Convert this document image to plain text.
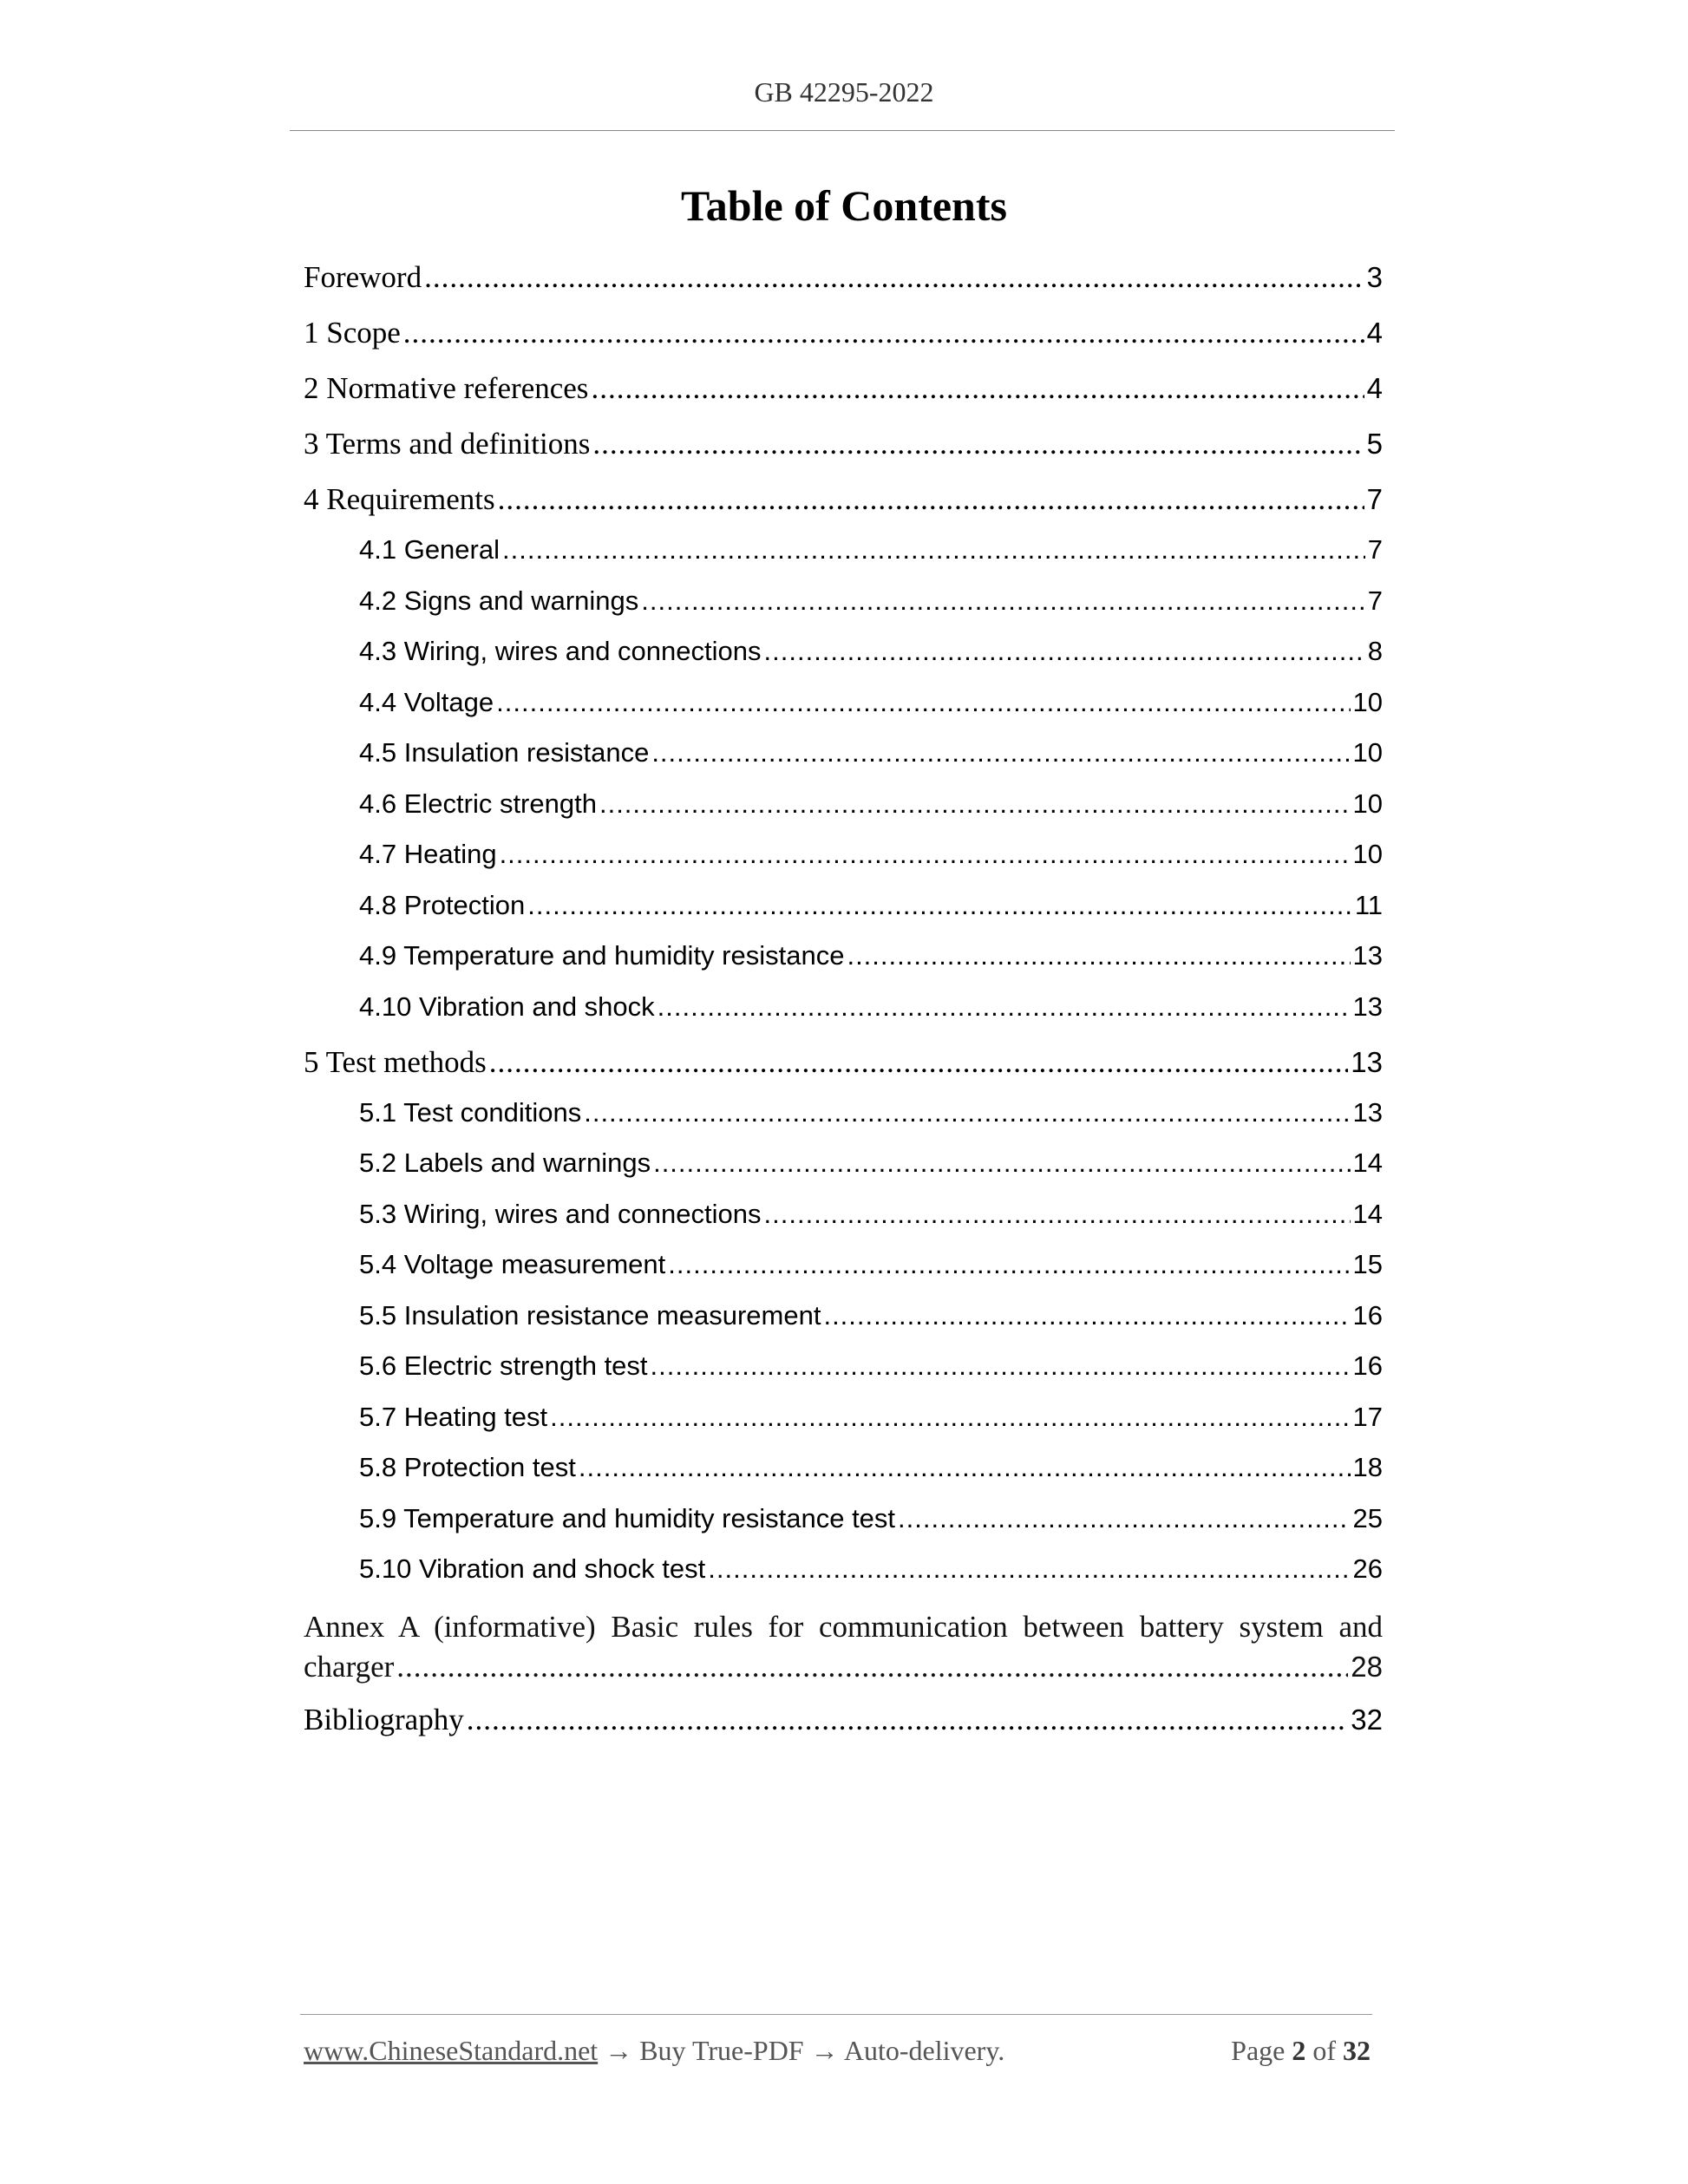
GB 42295-2022
Table of Contents
Foreword .....	3
1 Scope .....	4
2 Normative references .....	4
3 Terms and definitions .....	5
4 Requirements .....	7
4.1 General .....	7
4.2 Signs and warnings .....	7
4.3 Wiring, wires and connections .....	8
4.4 Voltage .....	10
4.5 Insulation resistance .....	10
4.6 Electric strength .....	10
4.7 Heating .....	10
4.8 Protection .....	11
4.9 Temperature and humidity resistance .....	13
4.10 Vibration and shock .....	13
5 Test methods .....	13
5.1 Test conditions .....	13
5.2 Labels and warnings .....	14
5.3 Wiring, wires and connections .....	14
5.4 Voltage measurement .....	15
5.5 Insulation resistance measurement .....	16
5.6 Electric strength test .....	16
5.7 Heating test .....	17
5.8 Protection test .....	18
5.9 Temperature and humidity resistance test .....	25
5.10 Vibration and shock test .....	26
Annex A (informative) Basic rules for communication between battery system and
charger .....	28
Bibliography .....	32
www.ChineseStandard.net → Buy True-PDF → Auto-delivery.	Page 2 of 32
